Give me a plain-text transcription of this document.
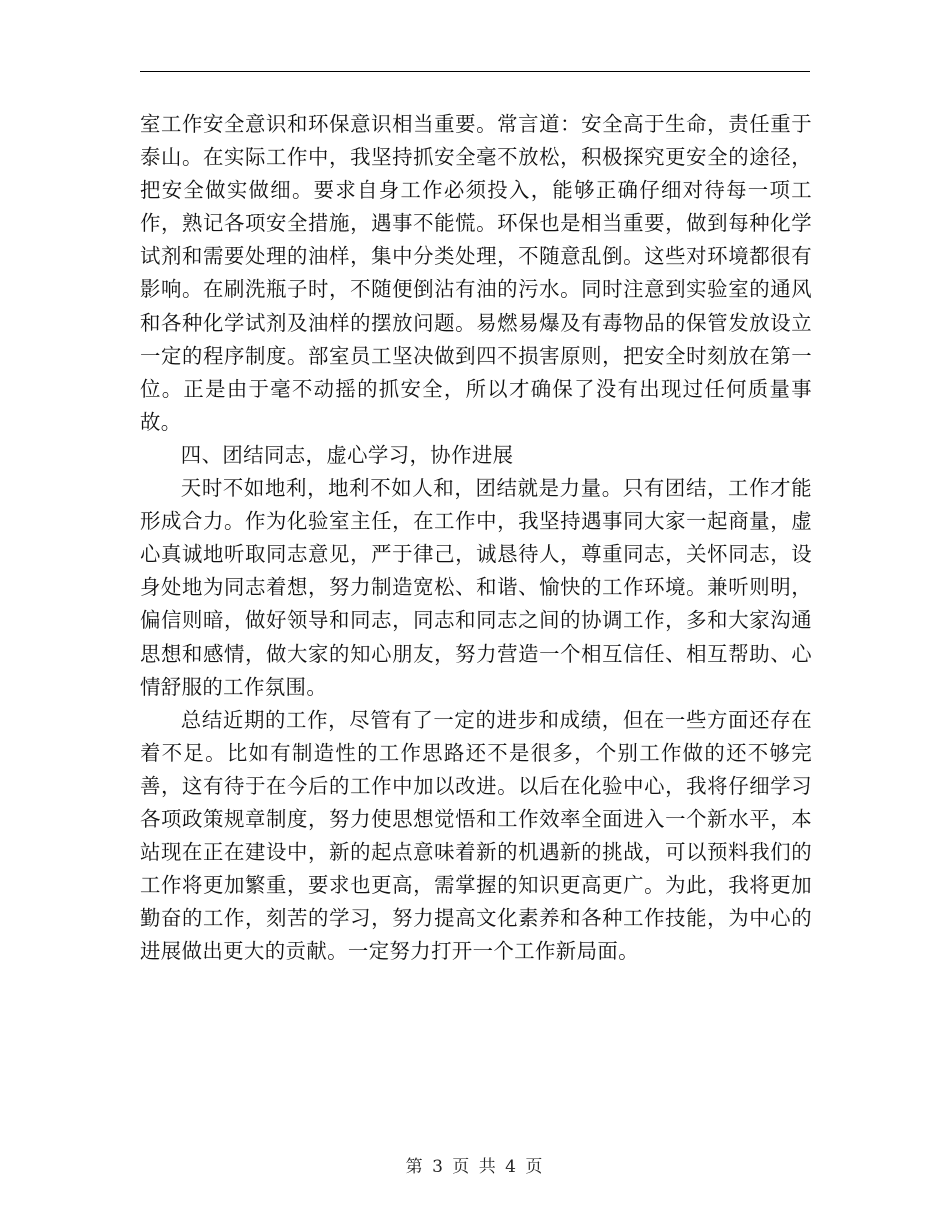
室工作安全意识和环保意识相当重要。常言道：安全高于生命，责任重于泰山。在实际工作中，我坚持抓安全毫不放松，积极探究更安全的途径，把安全做实做细。要求自身工作必须投入，能够正确仔细对待每一项工作，熟记各项安全措施，遇事不能慌。环保也是相当重要，做到每种化学试剂和需要处理的油样，集中分类处理，不随意乱倒。这些对环境都很有影响。在刷洗瓶子时，不随便倒沾有油的污水。同时注意到实验室的通风和各种化学试剂及油样的摆放问题。易燃易爆及有毒物品的保管发放设立一定的程序制度。部室员工坚决做到四不损害原则，把安全时刻放在第一位。正是由于毫不动摇的抓安全，所以才确保了没有出现过任何质量事故。

四、团结同志，虚心学习，协作进展

天时不如地利，地利不如人和，团结就是力量。只有团结，工作才能形成合力。作为化验室主任，在工作中，我坚持遇事同大家一起商量，虚心真诚地听取同志意见，严于律己，诚恳待人，尊重同志，关怀同志，设身处地为同志着想，努力制造宽松、和谐、愉快的工作环境。兼听则明，偏信则暗，做好领导和同志，同志和同志之间的协调工作，多和大家沟通思想和感情，做大家的知心朋友，努力营造一个相互信任、相互帮助、心情舒服的工作氛围。

总结近期的工作，尽管有了一定的进步和成绩，但在一些方面还存在着不足。比如有制造性的工作思路还不是很多，个别工作做的还不够完善，这有待于在今后的工作中加以改进。以后在化验中心，我将仔细学习各项政策规章制度，努力使思想觉悟和工作效率全面进入一个新水平，本站现在正在建设中，新的起点意味着新的机遇新的挑战，可以预料我们的工作将更加繁重，要求也更高，需掌握的知识更高更广。为此，我将更加勤奋的工作，刻苦的学习，努力提高文化素养和各种工作技能，为中心的进展做出更大的贡献。一定努力打开一个工作新局面。

第 3 页 共 4 页
